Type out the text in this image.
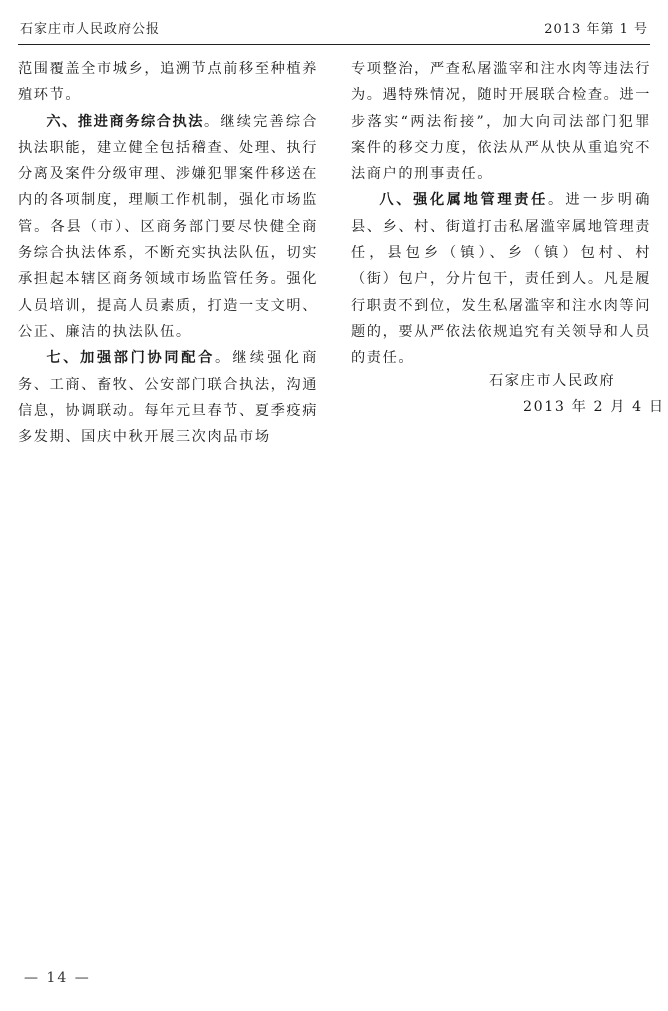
石家庄市人民政府公报	2013 年第 1 号

范围覆盖全市城乡，追溯节点前移至种植养殖环节。

六、推进商务综合执法。继续完善综合执法职能，建立健全包括稽查、处理、执行分离及案件分级审理、涉嫌犯罪案件移送在内的各项制度，理顺工作机制，强化市场监管。各县（市）、区商务部门要尽快健全商务综合执法体系，不断充实执法队伍，切实承担起本辖区商务领域市场监管任务。强化人员培训，提高人员素质，打造一支文明、公正、廉洁的执法队伍。

七、加强部门协同配合。继续强化商务、工商、畜牧、公安部门联合执法，沟通信息，协调联动。每年元旦春节、夏季疫病多发期、国庆中秋开展三次肉品市场

专项整治，严查私屠滥宰和注水肉等违法行为。遇特殊情况，随时开展联合检查。进一步落实“两法衔接”，加大向司法部门犯罪案件的移交力度，依法从严从快从重追究不法商户的刑事责任。

八、强化属地管理责任。进一步明确县、乡、村、街道打击私屠滥宰属地管理责任，县包乡（镇）、乡（镇）包村、村（街）包户，分片包干，责任到人。凡是履行职责不到位，发生私屠滥宰和注水肉等问题的，要从严依法依规追究有关领导和人员的责任。

石家庄市人民政府
2013 年 2 月 4 日
— 14 —
